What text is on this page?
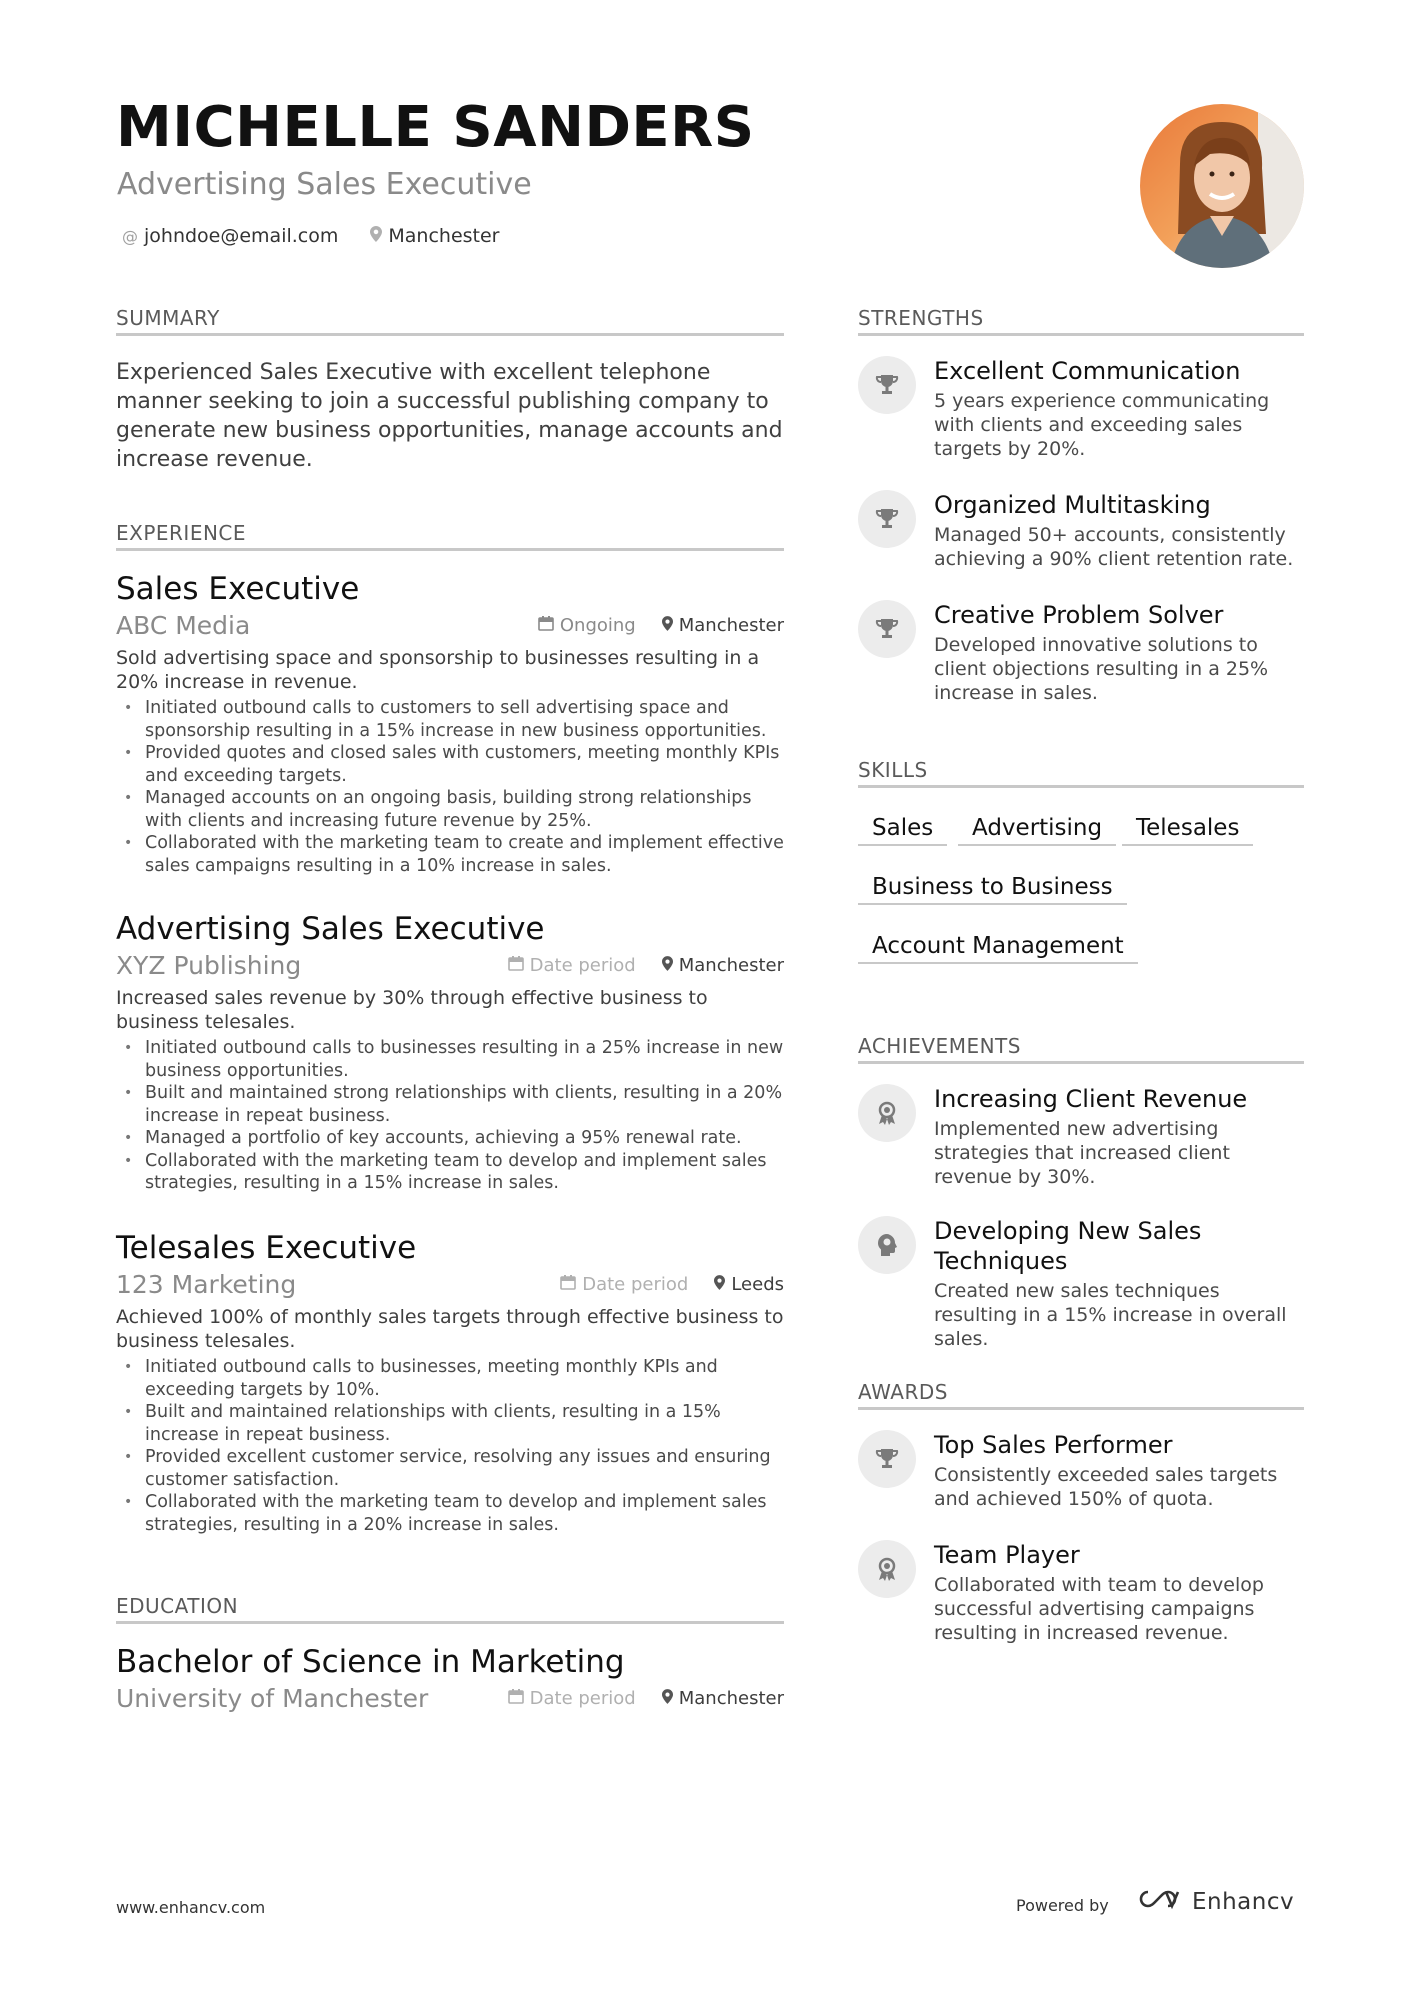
MICHELLE SANDERS
Advertising Sales Executive
@ johndoe@email.com	Manchester
SUMMARY
Experienced Sales Executive with excellent telephone manner seeking to join a successful publishing company to generate new business opportunities, manage accounts and increase revenue.
EXPERIENCE
Sales Executive
ABC Media	Ongoing Manchester
Sold advertising space and sponsorship to businesses resulting in a 20% increase in revenue.
• Initiated outbound calls to customers to sell advertising space and sponsorship resulting in a 15% increase in new business opportunities.
• Provided quotes and closed sales with customers, meeting monthly KPIs and exceeding targets.
• Managed accounts on an ongoing basis, building strong relationships with clients and increasing future revenue by 25%.
• Collaborated with the marketing team to create and implement effective sales campaigns resulting in a 10% increase in sales.
Advertising Sales Executive
XYZ Publishing	Date period Manchester
Increased sales revenue by 30% through effective business to business telesales.
• Initiated outbound calls to businesses resulting in a 25% increase in new business opportunities.
• Built and maintained strong relationships with clients, resulting in a 20% increase in repeat business.
• Managed a portfolio of key accounts, achieving a 95% renewal rate.
• Collaborated with the marketing team to develop and implement sales strategies, resulting in a 15% increase in sales.
Telesales Executive
123 Marketing	Date period Leeds
Achieved 100% of monthly sales targets through effective business to business telesales.
• Initiated outbound calls to businesses, meeting monthly KPIs and exceeding targets by 10%.
• Built and maintained relationships with clients, resulting in a 15% increase in repeat business.
• Provided excellent customer service, resolving any issues and ensuring customer satisfaction.
• Collaborated with the marketing team to develop and implement sales strategies, resulting in a 20% increase in sales.
EDUCATION
Bachelor of Science in Marketing
University of Manchester	Date period Manchester
STRENGTHS
Excellent Communication
5 years experience communicating with clients and exceeding sales targets by 20%.
Organized Multitasking
Managed 50+ accounts, consistently achieving a 90% client retention rate.
Creative Problem Solver
Developed innovative solutions to client objections resulting in a 25% increase in sales.
SKILLS
Sales	Advertising	Telesales
Business to Business
Account Management
ACHIEVEMENTS
Increasing Client Revenue
Implemented new advertising strategies that increased client revenue by 30%.
Developing New Sales Techniques
Created new sales techniques resulting in a 15% increase in overall sales.
AWARDS
Top Sales Performer
Consistently exceeded sales targets and achieved 150% of quota.
Team Player
Collaborated with team to develop successful advertising campaigns resulting in increased revenue.
www.enhancv.com	Powered by	Enhancv
